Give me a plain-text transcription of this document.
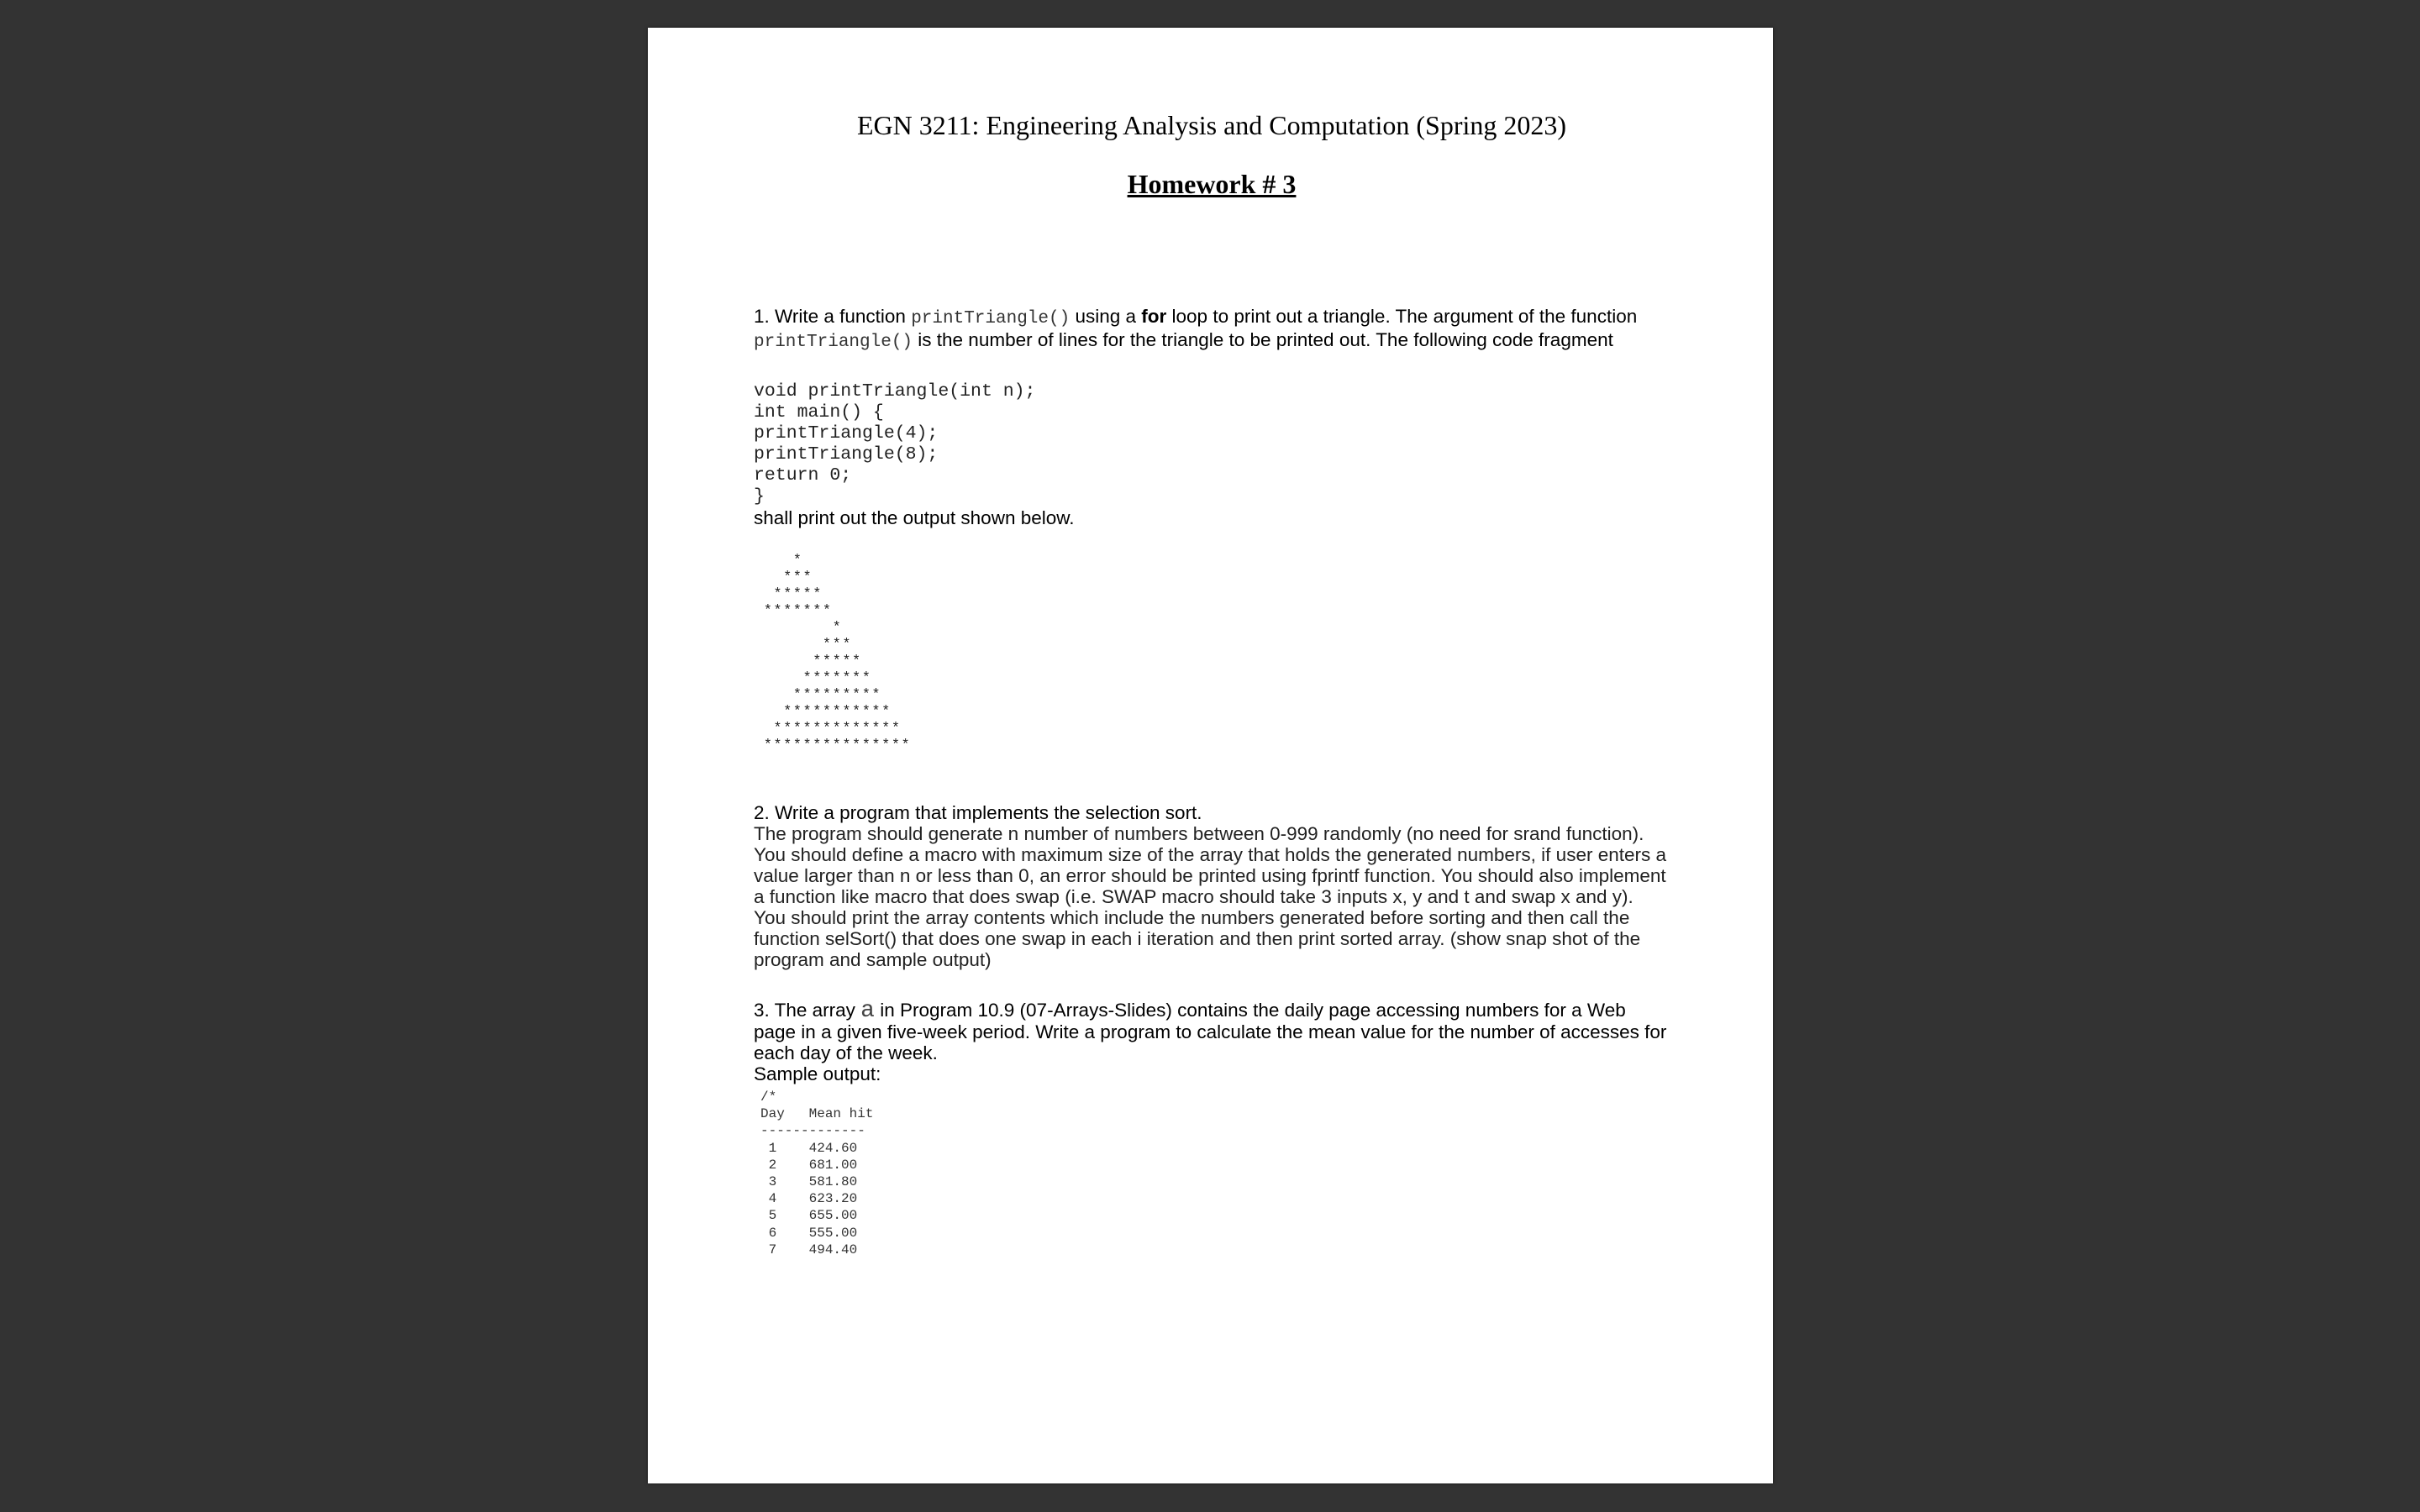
EGN 3211: Engineering Analysis and Computation (Spring 2023)
Homework # 3

1. Write a function printTriangle() using a for loop to print out a triangle. The argument of the function printTriangle() is the number of lines for the triangle to be printed out. The following code fragment

void printTriangle(int n);
int main() {
printTriangle(4);
printTriangle(8);
return 0;
}
shall print out the output shown below.
*
***
*****
*******
*
***
*****
*******
*********
***********
*************
***************

2. Write a program that implements the selection sort.

The program should generate n number of numbers between 0-999 randomly (no need for srand function). You should define a macro with maximum size of the array that holds the generated numbers, if user enters a value larger than n or less than 0, an error should be printed using fprintf function. You should also implement a function like macro that does swap (i.e. SWAP macro should take 3 inputs x, y and t and swap x and y). You should print the array contents which include the numbers generated before sorting and then call the function selSort() that does one swap in each i iteration and then print sorted array. (show snap shot of the program and sample output)

3. The array a in Program 10.9 (07-Arrays-Slides) contains the daily page accessing numbers for a Web page in a given five-week period. Write a program to calculate the mean value for the number of accesses for each day of the week.

Sample output:

/*
Day   Mean hit
-------------
1    424.60
2    681.00
3    581.80
4    623.20
5    655.00
6    555.00
7    494.40
